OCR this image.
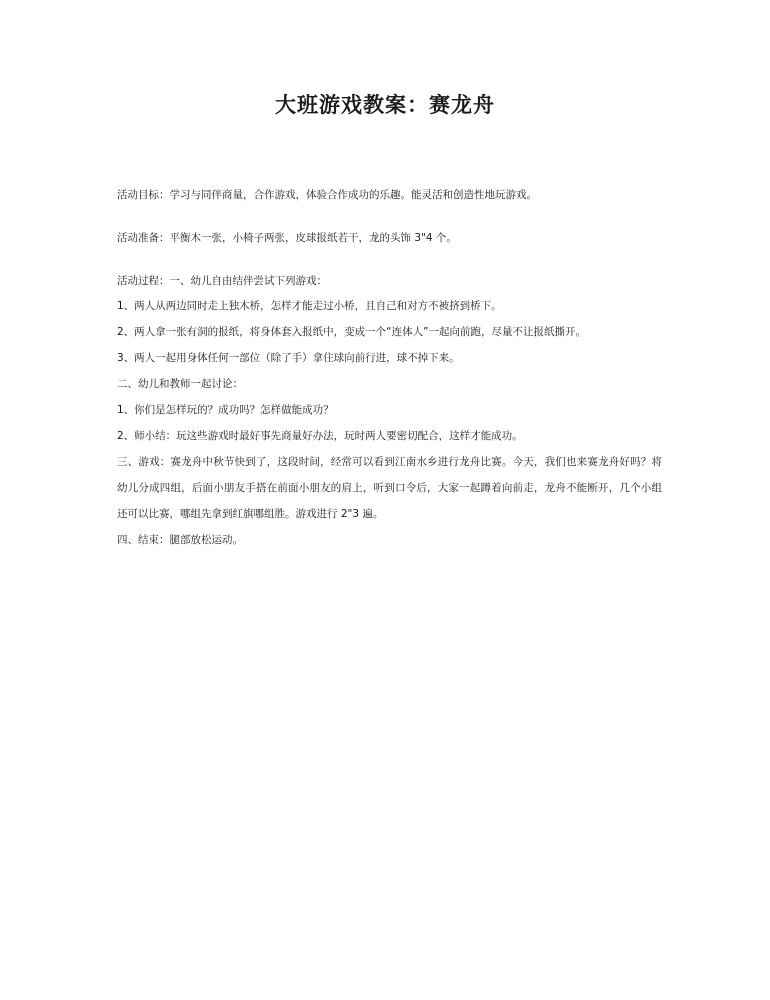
大班游戏教案：赛龙舟
活动目标：学习与同伴商量，合作游戏，体验合作成功的乐趣。能灵活和创造性地玩游戏。
活动准备：平衡木一张，小椅子两张，皮球报纸若干，龙的头饰 3"4 个。
活动过程：一、幼儿自由结伴尝试下列游戏：
1、两人从两边同时走上独木桥，怎样才能走过小桥，且自己和对方不被挤到桥下。
2、两人拿一张有洞的报纸，将身体套入报纸中，变成一个“连体人”一起向前跑，尽量不让报纸撕开。
3、两人一起用身体任何一部位（除了手）拿住球向前行进，球不掉下来。
二、幼儿和教师一起讨论：
1、你们是怎样玩的？成功吗？怎样做能成功？
2、师小结：玩这些游戏时最好事先商量好办法，玩时两人要密切配合，这样才能成功。
三、游戏：赛龙舟中秋节快到了，这段时间，经常可以看到江南水乡进行龙舟比赛。今天，我们也来赛龙舟好吗？将幼儿分成四组，后面小朋友手搭在前面小朋友的肩上，听到口令后，大家一起蹲着向前走，龙舟不能断开，几个小组还可以比赛，哪组先拿到红旗哪组胜。游戏进行 2"3 遍。
四、结束：腿部放松运动。
